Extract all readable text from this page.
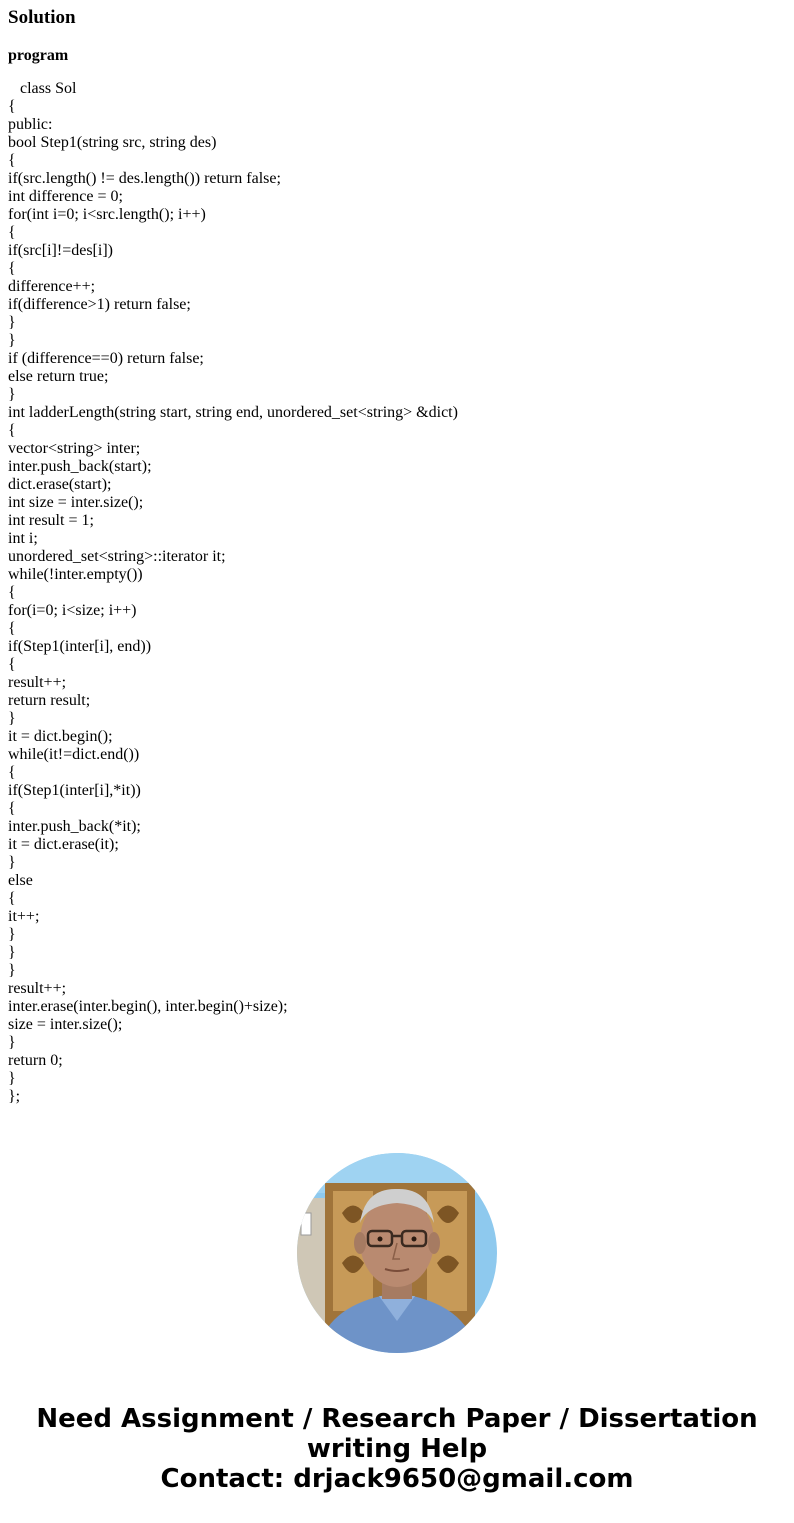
Solution
program
class Sol
{
public:
bool Step1(string src, string des)
{
if(src.length() != des.length()) return false;
int difference = 0;
for(int i=0; i<src.length(); i++)
{
if(src[i]!=des[i])
{
difference++;
if(difference>1) return false;
}
}
if (difference==0) return false;
else return true;
}
int ladderLength(string start, string end, unordered_set<string> &dict)
{
vector<string> inter;
inter.push_back(start);
dict.erase(start);
int size = inter.size();
int result = 1;
int i;
unordered_set<string>::iterator it;
while(!inter.empty())
{
for(i=0; i<size; i++)
{
if(Step1(inter[i], end))
{
result++;
return result;
}
it = dict.begin();
while(it!=dict.end())
{
if(Step1(inter[i],*it))
{
inter.push_back(*it);
it = dict.erase(it);
}
else
{
it++;
}
}
}
result++;
inter.erase(inter.begin(), inter.begin()+size);
size = inter.size();
}
return 0;
}
};
Need Assignment / Research Paper / Dissertation
writing Help
Contact: drjack9650@gmail.com
